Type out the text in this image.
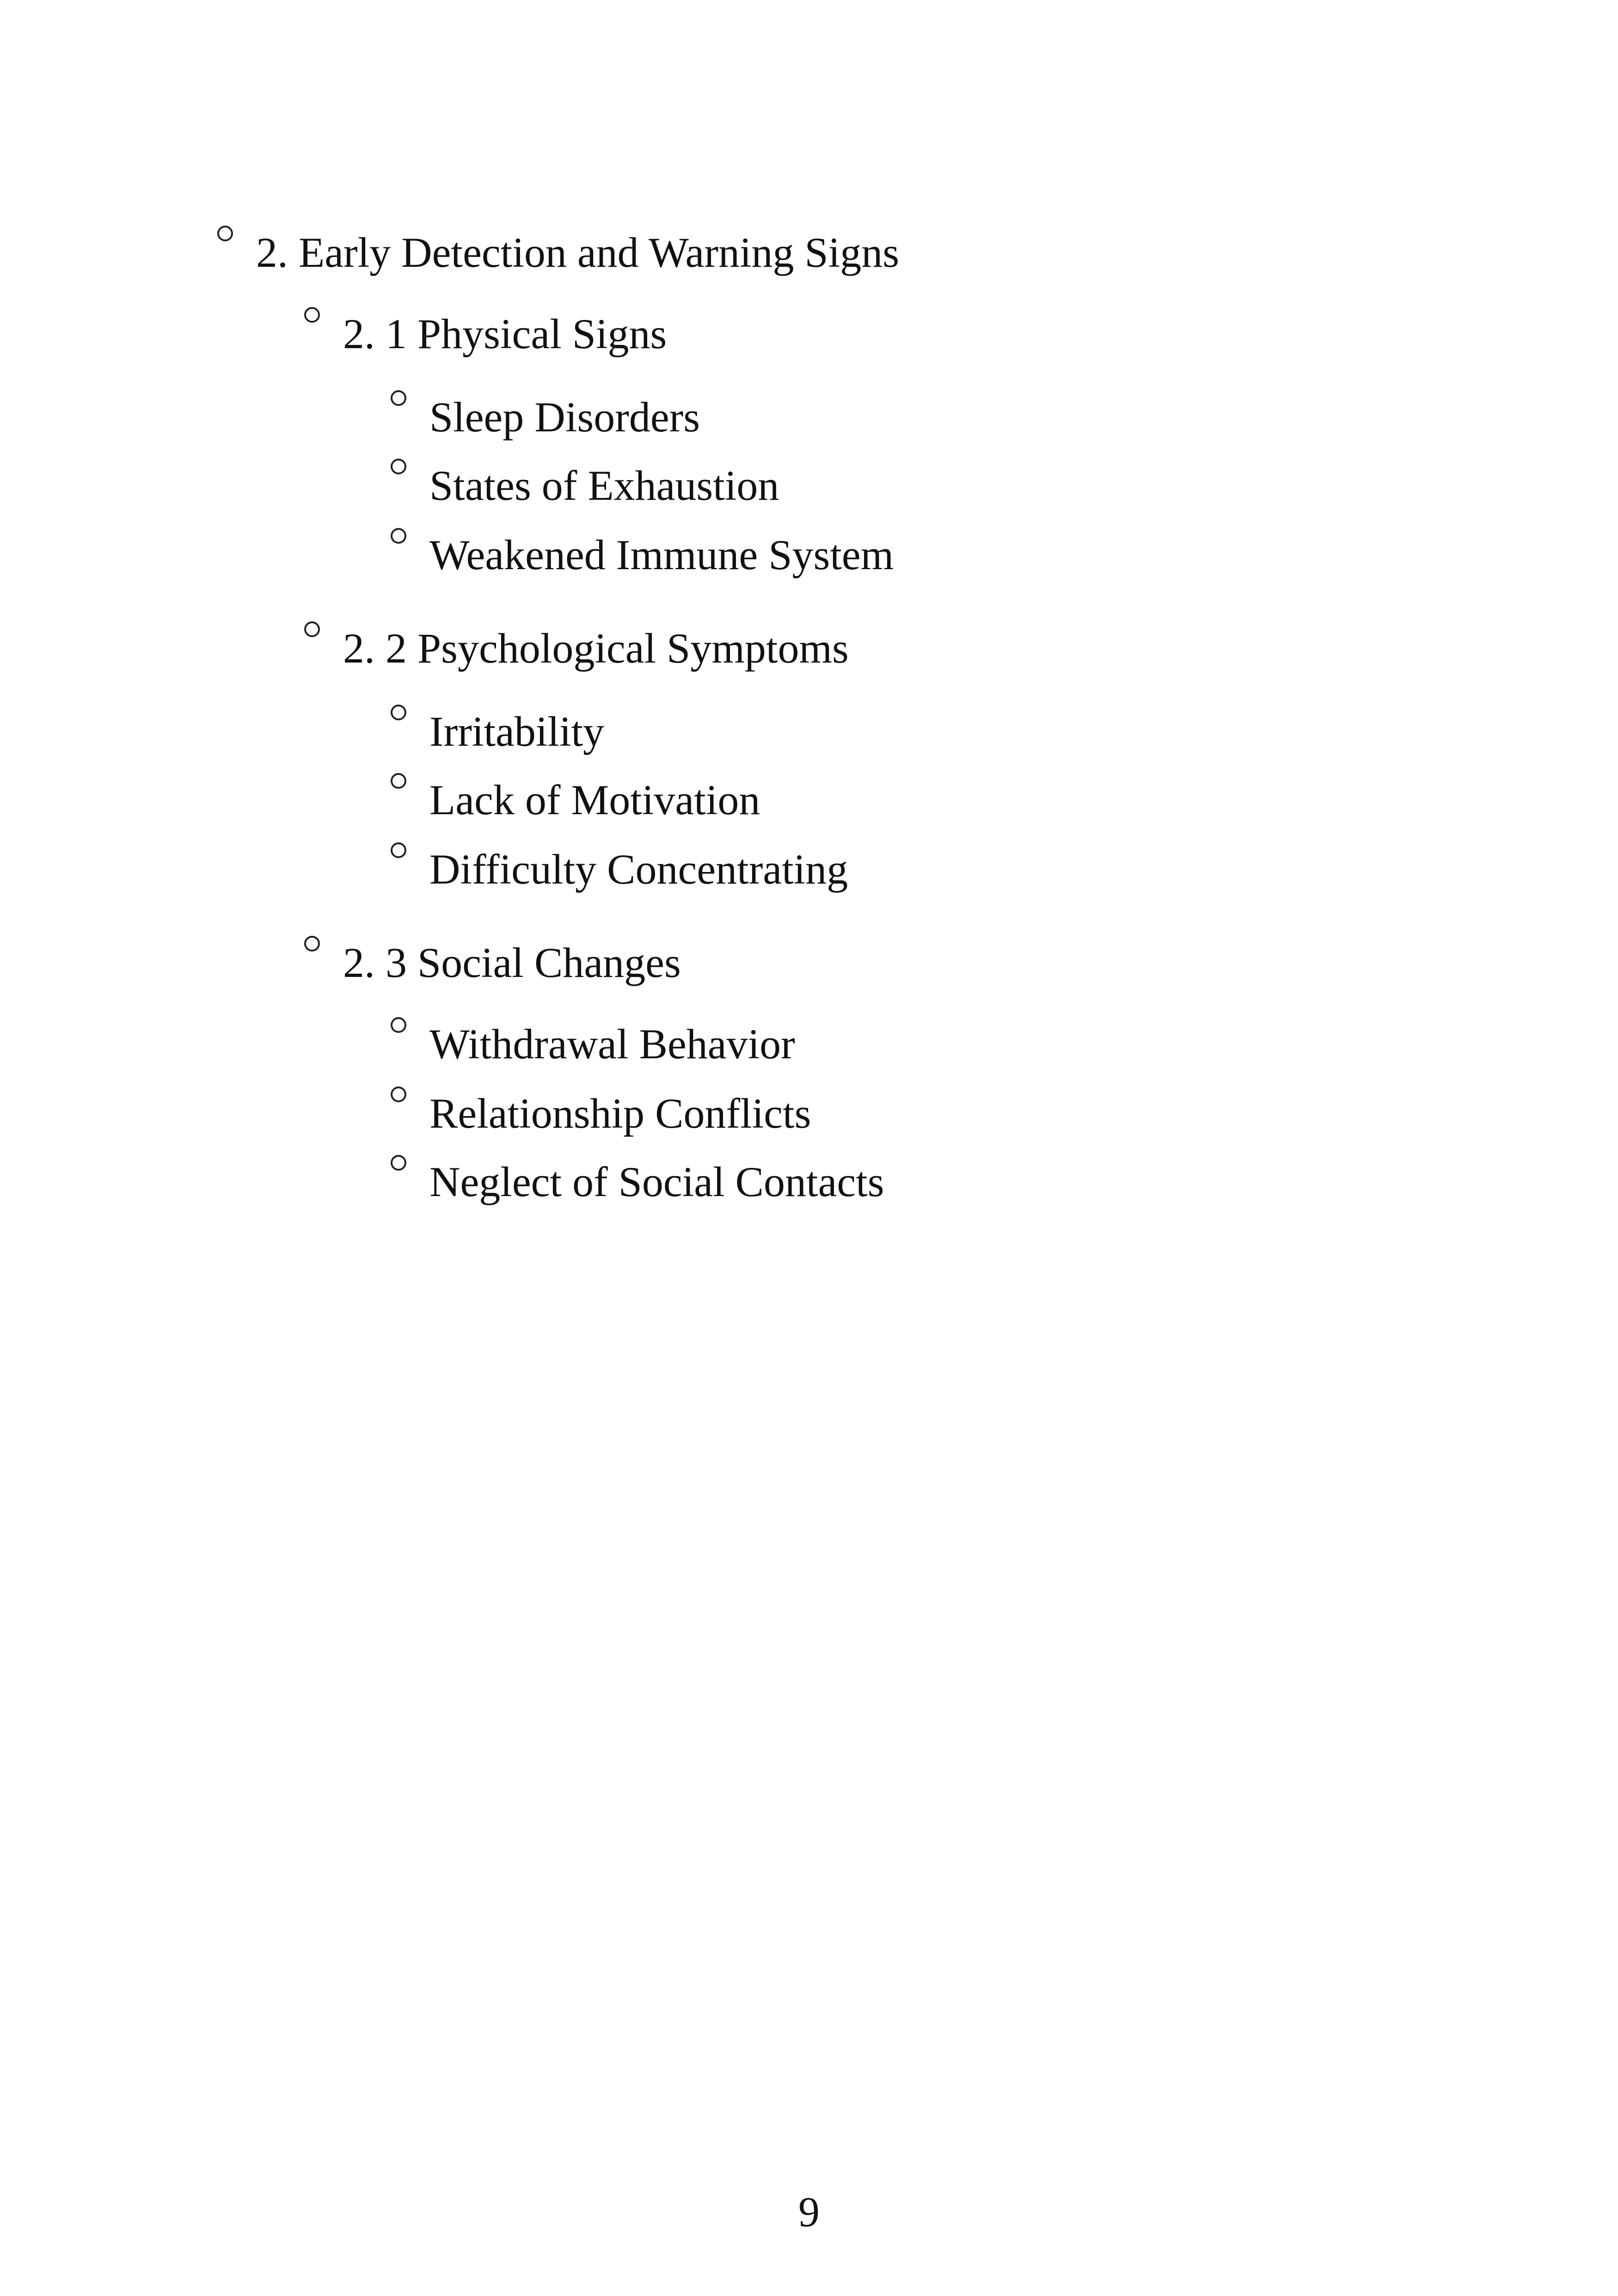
2. Early Detection and Warning Signs
2. 1 Physical Signs
Sleep Disorders
States of Exhaustion
Weakened Immune System
2. 2 Psychological Symptoms
Irritability
Lack of Motivation
Difficulty Concentrating
2. 3 Social Changes
Withdrawal Behavior
Relationship Conflicts
Neglect of Social Contacts
9
